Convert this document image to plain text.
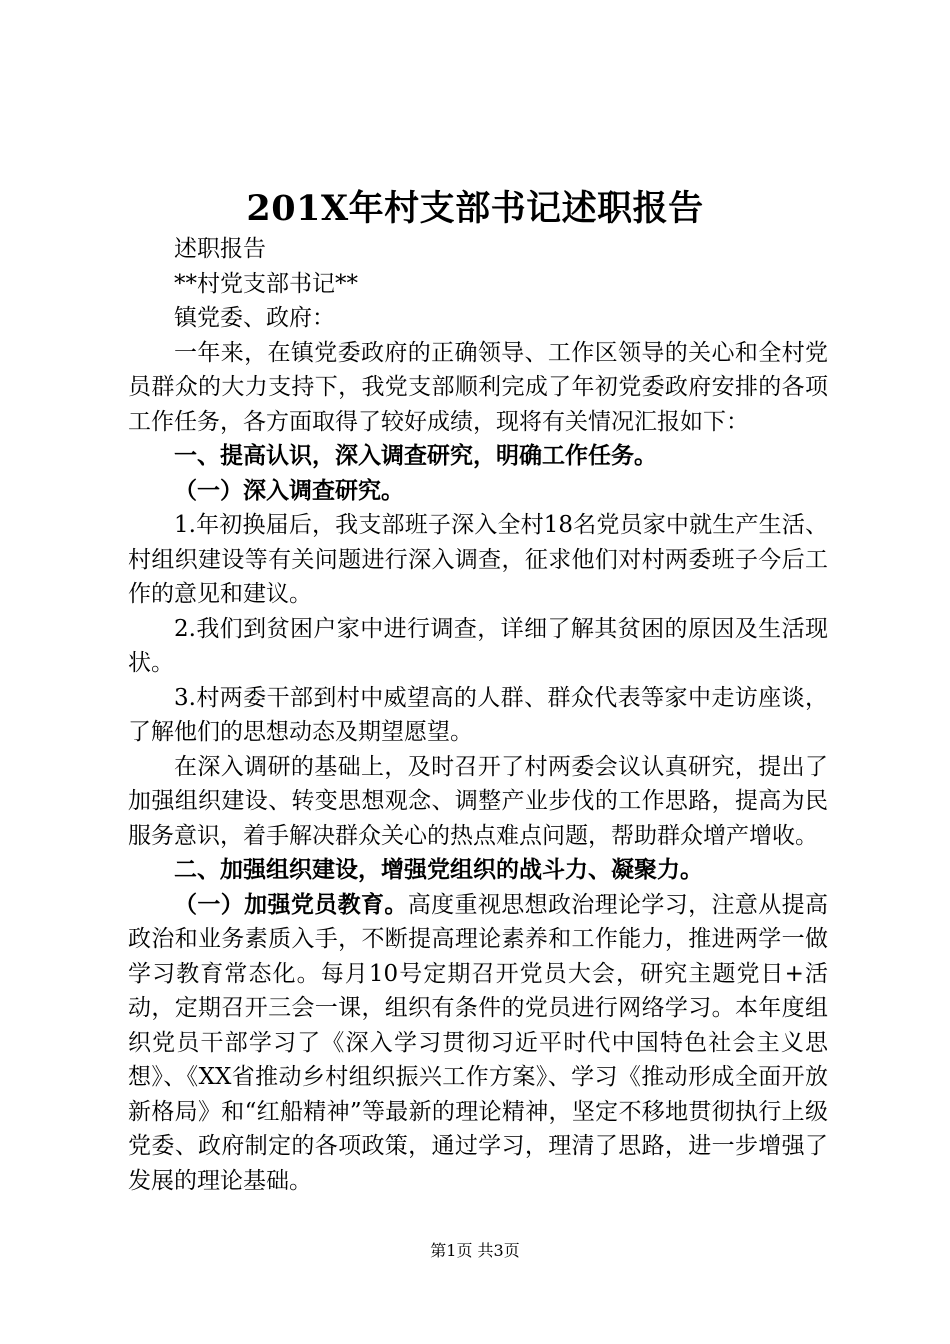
201X年村支部书记述职报告

述职报告

**村党支部书记**

镇党委、政府：

一年来，在镇党委政府的正确领导、工作区领导的关心和全村党员群众的大力支持下，我党支部顺利完成了年初党委政府安排的各项工作任务，各方面取得了较好成绩，现将有关情况汇报如下：

一、提高认识，深入调查研究，明确工作任务。

（一）深入调查研究。

1.年初换届后，我支部班子深入全村18名党员家中就生产生活、村组织建设等有关问题进行深入调查，征求他们对村两委班子今后工作的意见和建议。

2.我们到贫困户家中进行调查，详细了解其贫困的原因及生活现状。

3.村两委干部到村中威望高的人群、群众代表等家中走访座谈，了解他们的思想动态及期望愿望。

在深入调研的基础上，及时召开了村两委会议认真研究，提出了加强组织建设、转变思想观念、调整产业步伐的工作思路，提高为民服务意识，着手解决群众关心的热点难点问题，帮助群众增产增收。

二、加强组织建设，增强党组织的战斗力、凝聚力。

（一）加强党员教育。高度重视思想政治理论学习，注意从提高政治和业务素质入手，不断提高理论素养和工作能力，推进两学一做学习教育常态化。每月10号定期召开党员大会，研究主题党日+活动，定期召开三会一课，组织有条件的党员进行网络学习。本年度组织党员干部学习了《深入学习贯彻习近平时代中国特色社会主义思想》、《XX省推动乡村组织振兴工作方案》、学习《推动形成全面开放新格局》和“红船精神”等最新的理论精神，坚定不移地贯彻执行上级党委、政府制定的各项政策，通过学习，理清了思路，进一步增强了发展的理论基础。

第1页 共3页
